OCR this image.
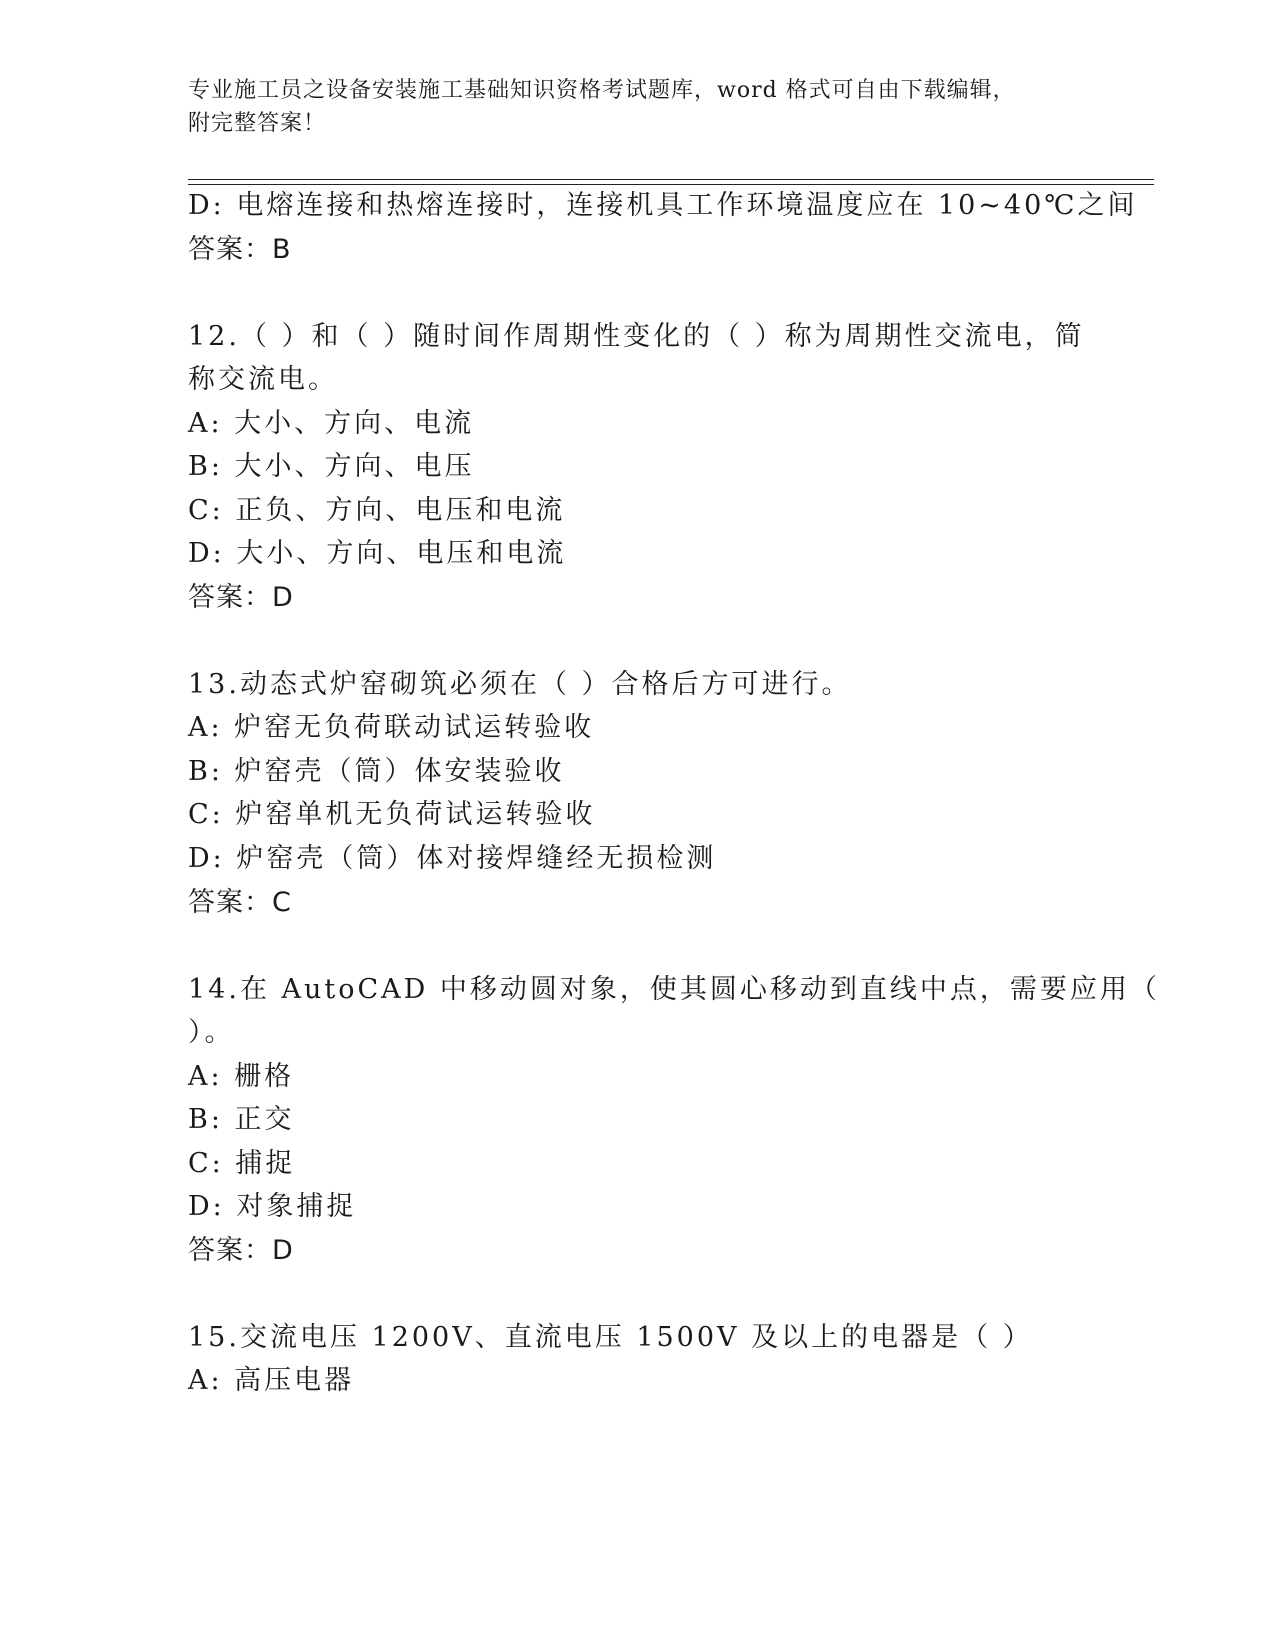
专业施工员之设备安装施工基础知识资格考试题库，word 格式可自由下载编辑，
附完整答案！
D: 电熔连接和热熔连接时，连接机具工作环境温度应在 10~40℃之间
答案：B
12.（ ）和（ ）随时间作周期性变化的（ ）称为周期性交流电，简
称交流电。
A: 大小、方向、电流
B: 大小、方向、电压
C: 正负、方向、电压和电流
D: 大小、方向、电压和电流
答案：D
13.动态式炉窑砌筑必须在（ ）合格后方可进行。
A: 炉窑无负荷联动试运转验收
B: 炉窑壳（筒）体安装验收
C: 炉窑单机无负荷试运转验收
D: 炉窑壳（筒）体对接焊缝经无损检测
答案：C
14.在 AutoCAD 中移动圆对象，使其圆心移动到直线中点，需要应用（
）。
A: 栅格
B: 正交
C: 捕捉
D: 对象捕捉
答案：D
15.交流电压 1200V、直流电压 1500V 及以上的电器是（ ）
A: 高压电器
